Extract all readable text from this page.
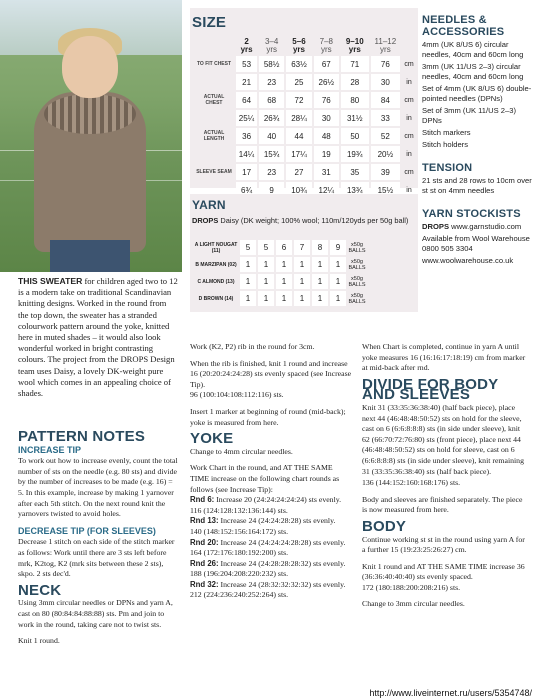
THIS SWEATER for children aged two to 12 is a modern take on traditional Scandinavian knitting designs. Worked in the round from the top down, the sweater has a stranded colourwork pattern around the yoke, knitted here in muted shades – it would also look wonderful worked in bright contrasting colours. The project from the DROPS Design team uses Daisy, a lovely DK-weight pure wool which comes in an appealing choice of shades.
SIZE
	2 yrs	3–4 yrs	5–6 yrs	7–8 yrs	9–10 yrs	11–12 yrs	
TO FIT CHEST	53	58½	63½	67	71	76	cm
	21	23	25	26½	28	30	in
ACTUAL CHEST	64	68	72	76	80	84	cm
	25¼	26¾	28¼	30	31½	33	in
ACTUAL LENGTH	36	40	44	48	50	52	cm
	14¼	15¾	17¼	19	19¾	20½	in
SLEEVE SEAM	17	23	27	31	35	39	cm
	6¾	9	10¾	12¼	13¾	15½	in
YARN
DROPS Daisy (DK weight; 100% wool; 110m/120yds per 50g ball)
A LIGHT NOUGAT (11)	5	5	6	7	8	9	x50g BALLS
B MARZIPAN (02)	1	1	1	1	1	1	x50g BALLS
C ALMOND (13)	1	1	1	1	1	1	x50g BALLS
D BROWN (14)	1	1	1	1	1	1	x50g BALLS
NEEDLES & ACCESSORIES

4mm (UK 8/US 6) circular needles, 40cm and 60cm long

3mm (UK 11/US 2–3) circular needles, 40cm and 60cm long

Set of 4mm (UK 8/US 6) double-pointed needles (DPNs)

Set of 3mm (UK 11/US 2–3) DPNs

Stitch markers

Stitch holders

TENSION

21 sts and 28 rows to 10cm over st st on 4mm needles

YARN STOCKISTS

DROPS www.garnstudio.com

Available from Wool Warehouse 0800 505 3304

www.woolwarehouse.co.uk

PATTERN NOTES
INCREASE TIP

To work out how to increase evenly, count the total number of sts on the needle (e.g. 80 sts) and divide by the number of increases to be made (e.g. 16) = 5. In this example, increase by making 1 yarnover after each 5th stitch. On the next round knit the yarnovers twisted to avoid holes.

DECREASE TIP (FOR SLEEVES)

Decrease 1 stitch on each side of the stitch marker as follows: Work until there are 3 sts left before mrk, K2tog, K2 (mrk sits between these 2 sts), skpo. 2 sts dec'd.

NECK

Using 3mm circular needles or DPNs and yarn A, cast on 80 (80:84:84:88:88) sts. Pm and join to work in the round, taking care not to twist sts.

Knit 1 round.

Work (K2, P2) rib in the round for 3cm.

When the rib is finished, knit 1 round and increase 16 (20:20:24:24:28) sts evenly spaced (see Increase Tip).
96 (100:104:108:112:116) sts.

Insert 1 marker at beginning of round (mid-back); yoke is measured from here.

YOKE

Change to 4mm circular needles.

Work Chart in the round, and AT THE SAME TIME increase on the following chart rounds as follows (see Increase Tip):

Rnd 6: Increase 20 (24:24:24:24:24) sts evenly.
116 (124:128:132:136:144) sts.
Rnd 13: Increase 24 (24:24:28:28) sts evenly.
140 (148:152:156:164:172) sts.
Rnd 20: Increase 24 (24:24:24:28:28) sts evenly.
164 (172:176:180:192:200) sts.
Rnd 26: Increase 24 (24:28:28:28:32) sts evenly.
188 (196:204:208:220:232) sts.
Rnd 32: Increase 24 (28:32:32:32:32) sts evenly.
212 (224:236:240:252:264) sts.

When Chart is completed, continue in yarn A until yoke measures 16 (16:16:17:18:19) cm from marker at mid-back after rnd.

DIVIDE FOR BODY AND SLEEVES

Knit 31 (33:35:36:38:40) (half back piece), place next 44 (46:48:48:50:52) sts on hold for the sleeve, cast on 6 (6:6:8:8:8) sts (in side under sleeve), knit 62 (66:70:72:76:80) sts (front piece), place next 44 (46:48:48:50:52) sts on hold for sleeve, cast on 6 (6:6:8:8:8) sts (in side under sleeve), knit remaining 31 (33:35:36:38:40) sts (half back piece).

136 (144:152:160:168:176) sts.

Body and sleeves are finished separately. The piece is now measured from here.

BODY

Continue working st st in the round using yarn A for a further 15 (19:23:25:26:27) cm.

Knit 1 round and AT THE SAME TIME increase 36 (36:36:40:40:40) sts evenly spaced.
172 (180:188:200:208:216) sts.

Change to 3mm circular needles.

http://www.liveinternet.ru/users/5354748/
